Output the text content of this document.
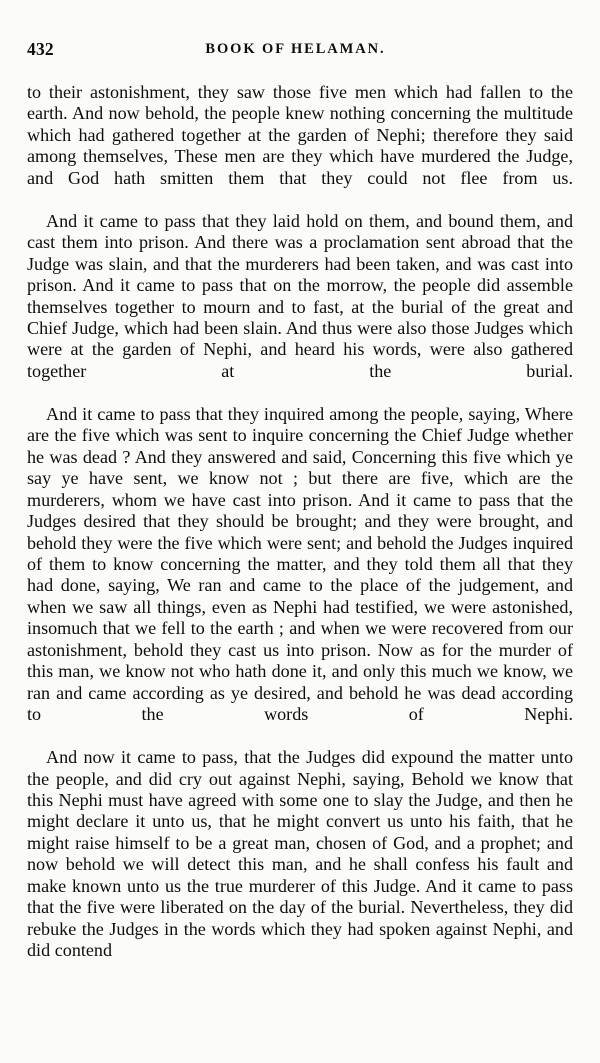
432	BOOK OF HELAMAN.

to their astonishment, they saw those five men which had fallen to the earth. And now behold, the people knew nothing concerning the multitude which had gathered together at the garden of Nephi; therefore they said among themselves, These men are they which have murdered the Judge, and God hath smitten them that they could not flee from us.

And it came to pass that they laid hold on them, and bound them, and cast them into prison. And there was a proclamation sent abroad that the Judge was slain, and that the murderers had been taken, and was cast into prison. And it came to pass that on the morrow, the people did assemble themselves together to mourn and to fast, at the burial of the great and Chief Judge, which had been slain. And thus were also those Judges which were at the garden of Nephi, and heard his words, were also gathered together at the burial.

And it came to pass that they inquired among the people, saying, Where are the five which was sent to inquire concerning the Chief Judge whether he was dead ? And they answered and said, Concerning this five which ye say ye have sent, we know not ; but there are five, which are the murderers, whom we have cast into prison. And it came to pass that the Judges desired that they should be brought; and they were brought, and behold they were the five which were sent; and behold the Judges inquired of them to know concerning the matter, and they told them all that they had done, saying, We ran and came to the place of the judgement, and when we saw all things, even as Nephi had testified, we were astonished, insomuch that we fell to the earth ; and when we were recovered from our astonishment, behold they cast us into prison. Now as for the murder of this man, we know not who hath done it, and only this much we know, we ran and came according as ye desired, and behold he was dead according to the words of Nephi.

And now it came to pass, that the Judges did expound the matter unto the people, and did cry out against Nephi, saying, Behold we know that this Nephi must have agreed with some one to slay the Judge, and then he might declare it unto us, that he might convert us unto his faith, that he might raise himself to be a great man, chosen of God, and a prophet; and now behold we will detect this man, and he shall confess his fault and make known unto us the true murderer of this Judge. And it came to pass that the five were liberated on the day of the burial. Nevertheless, they did rebuke the Judges in the words which they had spoken against Nephi, and did contend
